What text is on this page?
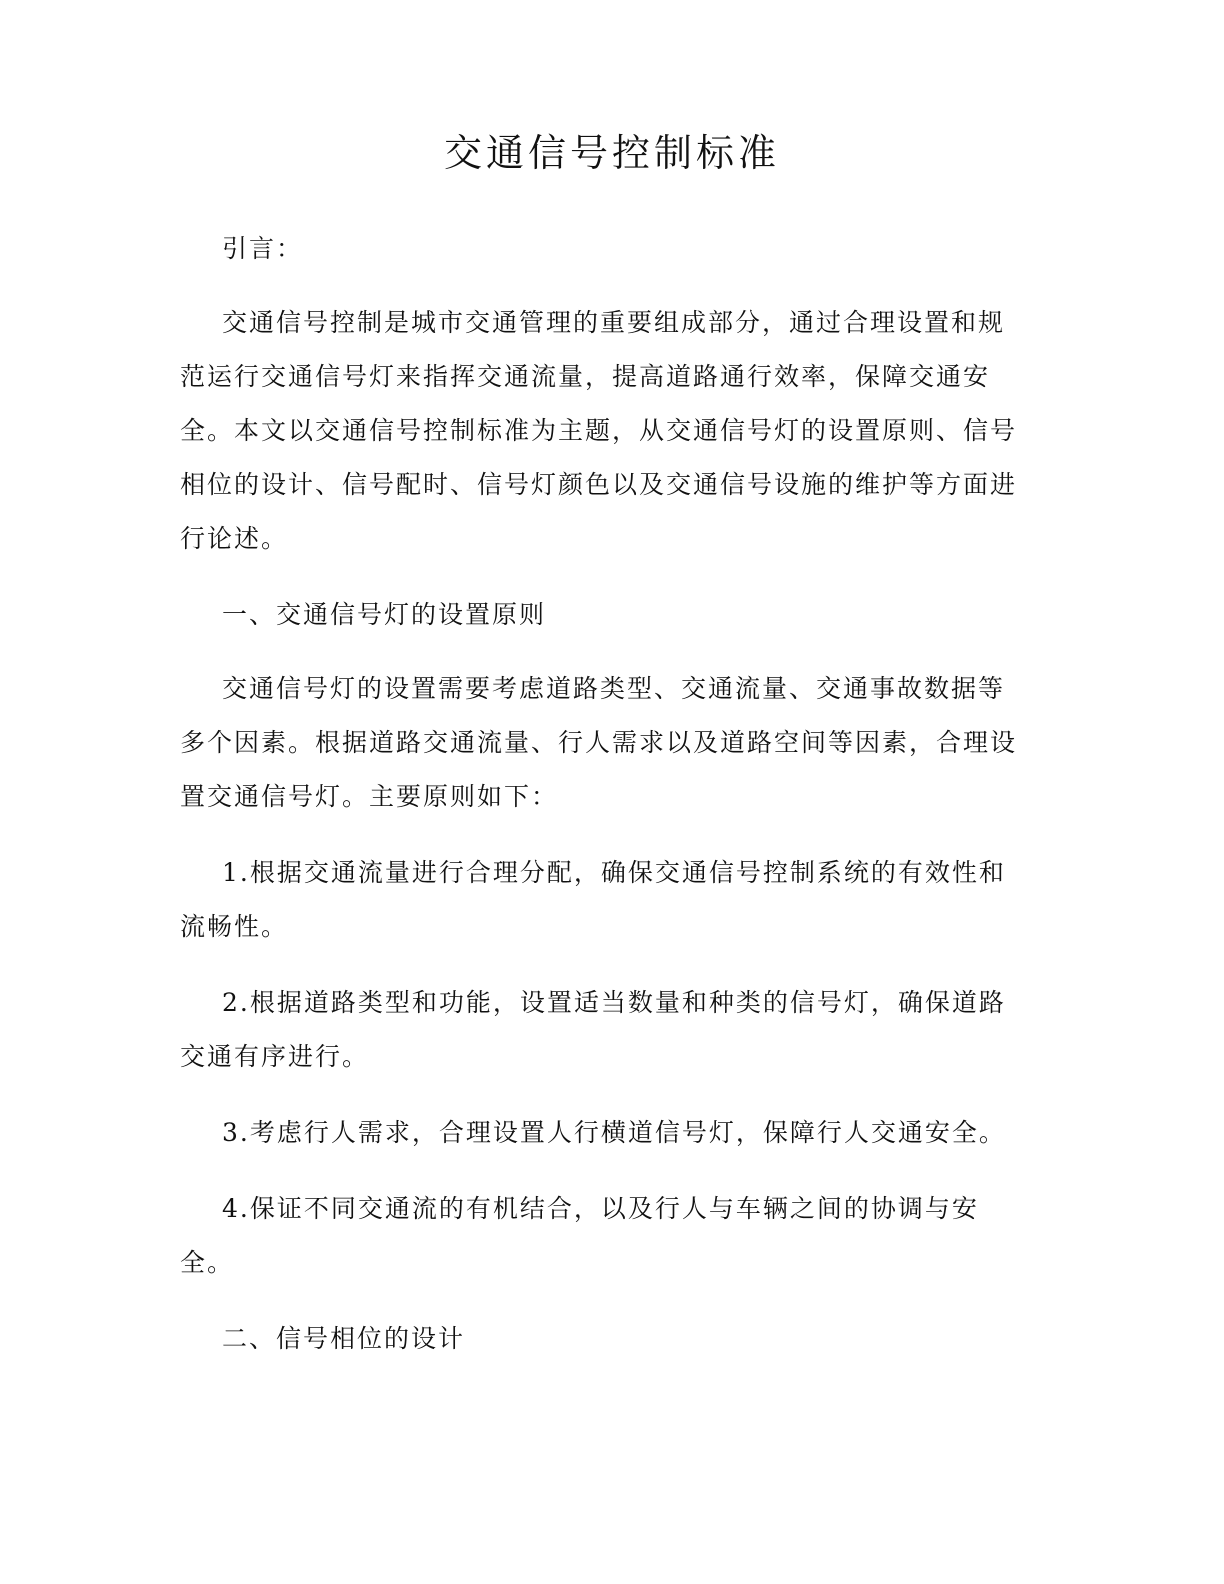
交通信号控制标准

引言：

交通信号控制是城市交通管理的重要组成部分，通过合理设置和规范运行交通信号灯来指挥交通流量，提高道路通行效率，保障交通安全。本文以交通信号控制标准为主题，从交通信号灯的设置原则、信号相位的设计、信号配时、信号灯颜色以及交通信号设施的维护等方面进行论述。

一、交通信号灯的设置原则

交通信号灯的设置需要考虑道路类型、交通流量、交通事故数据等多个因素。根据道路交通流量、行人需求以及道路空间等因素，合理设置交通信号灯。主要原则如下：

1.根据交通流量进行合理分配，确保交通信号控制系统的有效性和流畅性。

2.根据道路类型和功能，设置适当数量和种类的信号灯，确保道路交通有序进行。

3.考虑行人需求，合理设置人行横道信号灯，保障行人交通安全。

4.保证不同交通流的有机结合，以及行人与车辆之间的协调与安全。

二、信号相位的设计
